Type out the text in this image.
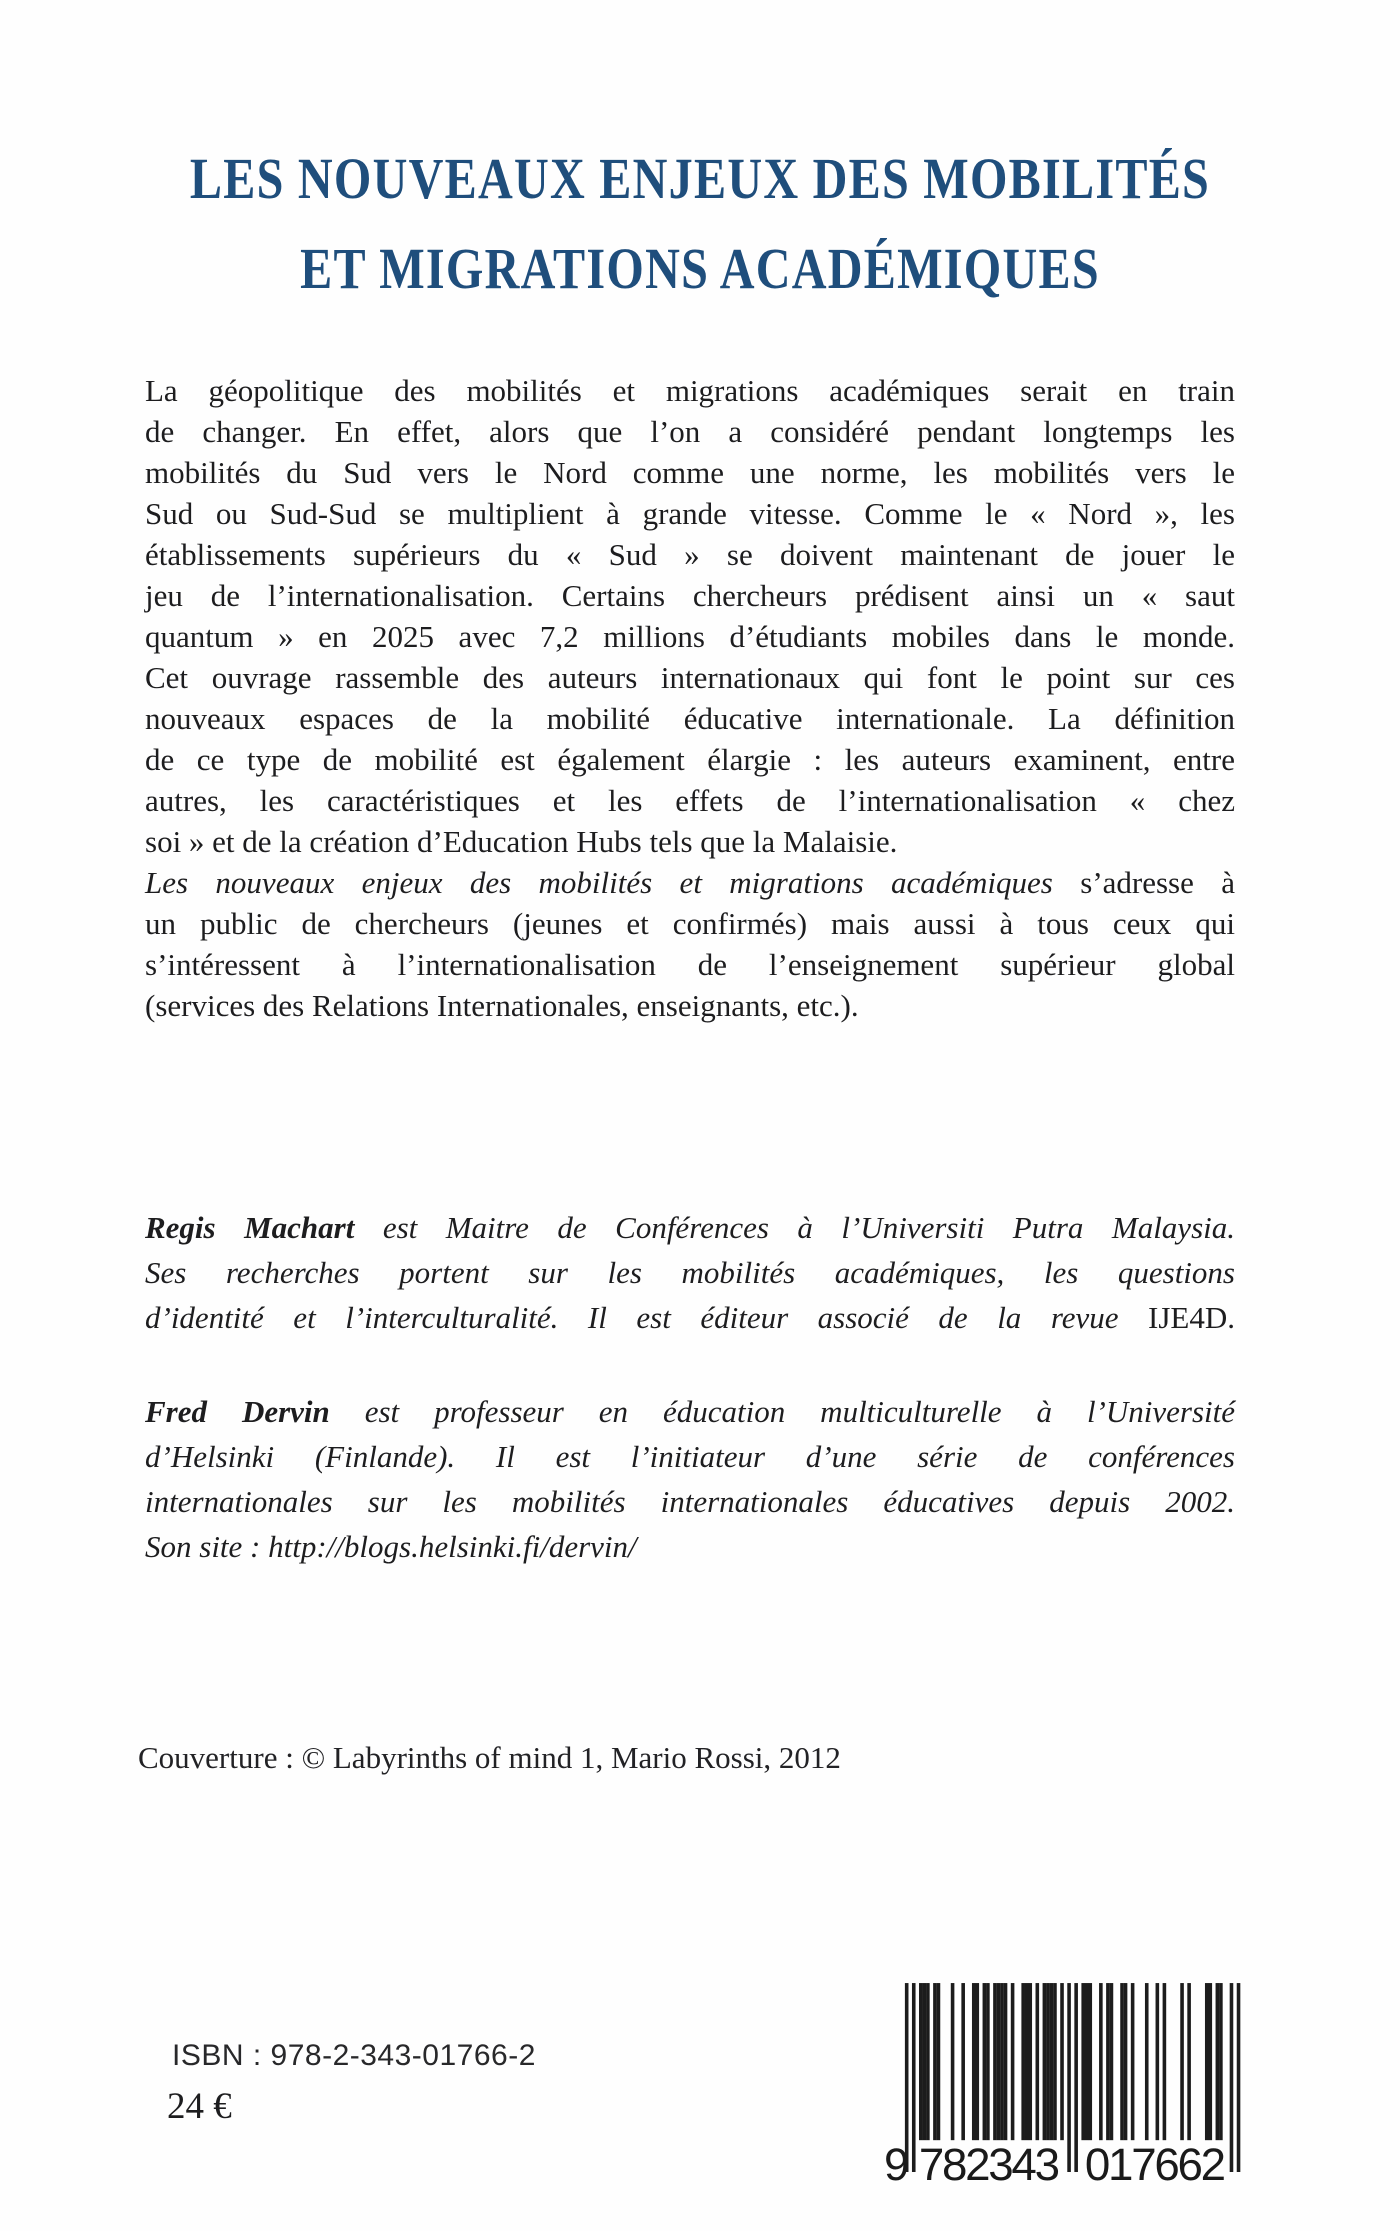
LES NOUVEAUX ENJEUX DES MOBILITÉS
ET MIGRATIONS ACADÉMIQUES
La géopolitique des mobilités et migrations académiques serait en train
de changer. En effet, alors que l’on a considéré pendant longtemps les
mobilités du Sud vers le Nord comme une norme, les mobilités vers le
Sud ou Sud-Sud se multiplient à grande vitesse. Comme le « Nord », les
établissements supérieurs du « Sud » se doivent maintenant de jouer le
jeu de l’internationalisation. Certains chercheurs prédisent ainsi un « saut
quantum » en 2025 avec 7,2 millions d’étudiants mobiles dans le monde.
Cet ouvrage rassemble des auteurs internationaux qui font le point sur ces
nouveaux espaces de la mobilité éducative internationale. La définition
de ce type de mobilité est également élargie : les auteurs examinent, entre
autres, les caractéristiques et les effets de l’internationalisation « chez
soi » et de la création d’Education Hubs tels que la Malaisie.
Les nouveaux enjeux des mobilités et migrations académiques s’adresse à
un public de chercheurs (jeunes et confirmés) mais aussi à tous ceux qui
s’intéressent à l’internationalisation de l’enseignement supérieur global
(services des Relations Internationales, enseignants, etc.).
Regis Machart est Maitre de Conférences à l’Universiti Putra Malaysia.
Ses recherches portent sur les mobilités académiques, les questions
d’identité et l’interculturalité. Il est éditeur associé de la revue IJE4D.
Fred Dervin est professeur en éducation multiculturelle à l’Université
d’Helsinki (Finlande). Il est l’initiateur d’une série de conférences
internationales sur les mobilités internationales éducatives depuis 2002.
Son site : http://blogs.helsinki.fi/dervin/
Couverture : © Labyrinths of mind 1, Mario Rossi, 2012
ISBN : 978-2-343-01766-2
24 €
9 782343 017662
